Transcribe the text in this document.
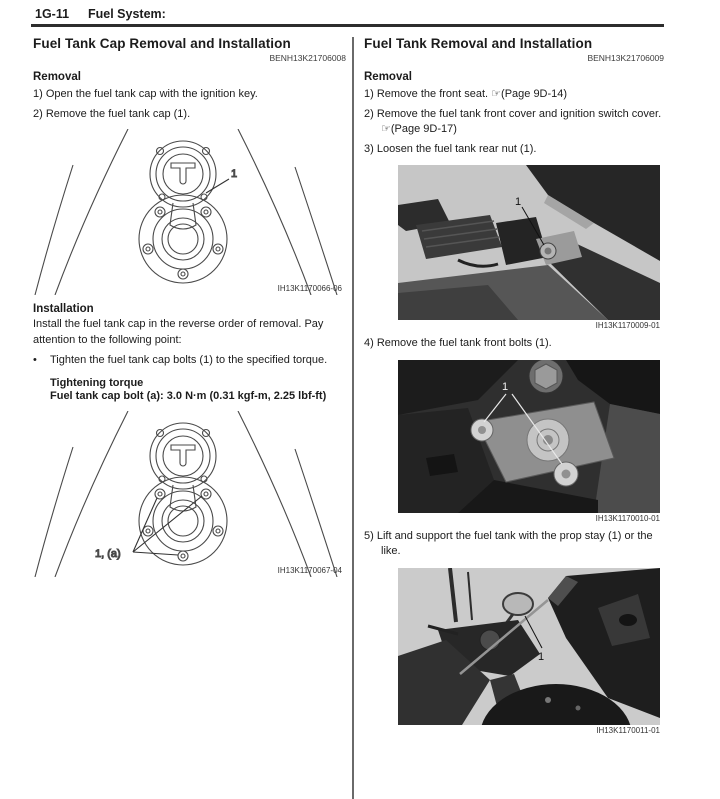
1G-11 Fuel System:
Fuel Tank Cap Removal and Installation
BENH13K21706008
Removal
1) Open the fuel tank cap with the ignition key.
2) Remove the fuel tank cap (1).
1
IH13K1170066-06
Installation
Install the fuel tank cap in the reverse order of removal. Pay attention to the following point:
•	Tighten the fuel tank cap bolts (1) to the specified torque.
Tightening torque
Fuel tank cap bolt (a): 3.0 N·m (0.31 kgf-m, 2.25 lbf-ft)
1, (a)
IH13K1170067-04
Fuel Tank Removal and Installation
BENH13K21706009
Removal
1) Remove the front seat. ☞(Page 9D-14)
2) Remove the fuel tank front cover and ignition switch cover. ☞(Page 9D-17)
3) Loosen the fuel tank rear nut (1).
1
IH13K1170009-01
4) Remove the fuel tank front bolts (1).
1
IH13K1170010-01
5) Lift and support the fuel tank with the prop stay (1) or the like.
1
IH13K1170011-01
